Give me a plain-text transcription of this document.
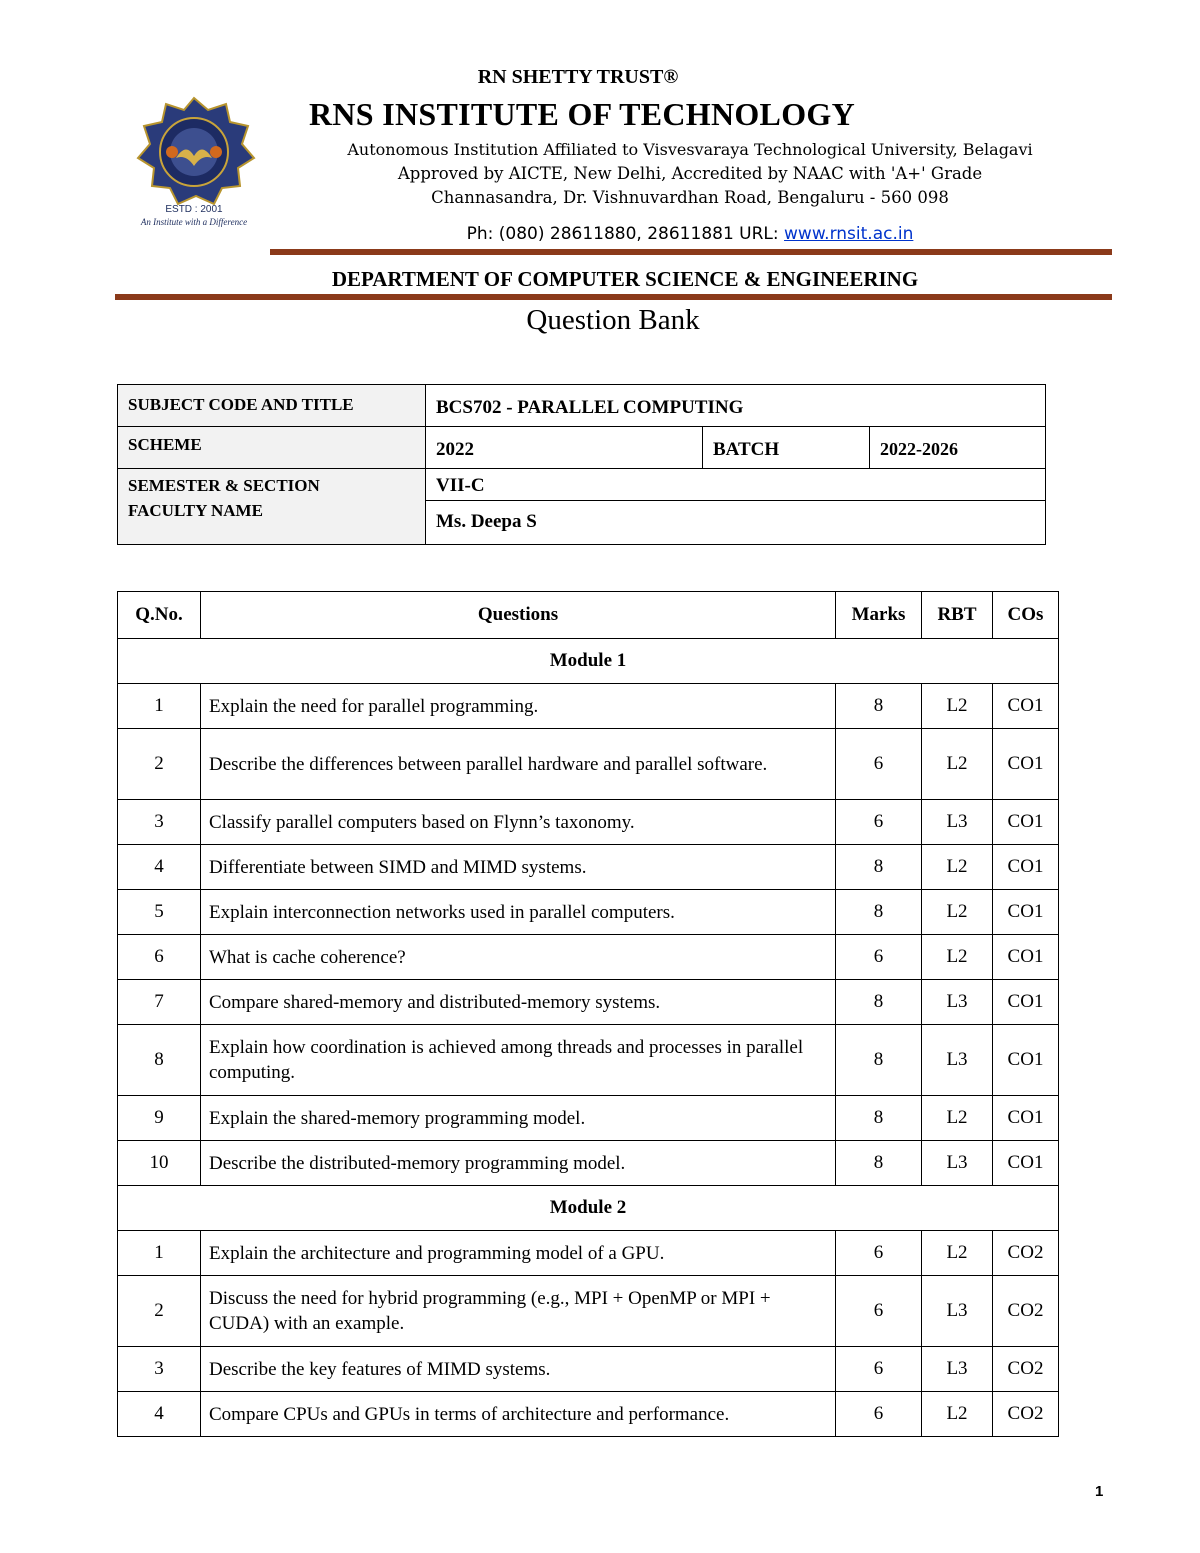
ESTD : 2001
An Institute with a Difference
RN SHETTY TRUST®
RNS INSTITUTE OF TECHNOLOGY
Autonomous Institution Affiliated to Visvesvaraya Technological University, Belagavi
Approved by AICTE, New Delhi, Accredited by NAAC with 'A+' Grade
Channasandra, Dr. Vishnuvardhan Road, Bengaluru - 560 098
Ph: (080) 28611880, 28611881 URL: www.rnsit.ac.in
DEPARTMENT OF COMPUTER SCIENCE & ENGINEERING
Question Bank
SUBJECT CODE AND TITLE	BCS702 - PARALLEL COMPUTING		
SCHEME	2022	BATCH	2022-2026
SEMESTER & SECTION	VII-C		
FACULTY NAME	Ms. Deepa S		
Q.No.	Questions	Marks	RBT	COs
Module 1				
1	Explain the need for parallel programming.	8	L2	CO1
2	Describe the differences between parallel hardware and parallel software.	6	L2	CO1
3	Classify parallel computers based on Flynn’s taxonomy.	6	L3	CO1
4	Differentiate between SIMD and MIMD systems.	8	L2	CO1
5	Explain interconnection networks used in parallel computers.	8	L2	CO1
6	What is cache coherence?	6	L2	CO1
7	Compare shared-memory and distributed-memory systems.	8	L3	CO1
8	Explain how coordination is achieved among threads and processes in parallel computing.	8	L3	CO1
9	Explain the shared-memory programming model.	8	L2	CO1
10	Describe the distributed-memory programming model.	8	L3	CO1
Module 2				
1	Explain the architecture and programming model of a GPU.	6	L2	CO2
2	Discuss the need for hybrid programming (e.g., MPI + OpenMP or MPI + CUDA) with an example.	6	L3	CO2
3	Describe the key features of MIMD systems.	6	L3	CO2
4	Compare CPUs and GPUs in terms of architecture and performance.	6	L2	CO2
1
